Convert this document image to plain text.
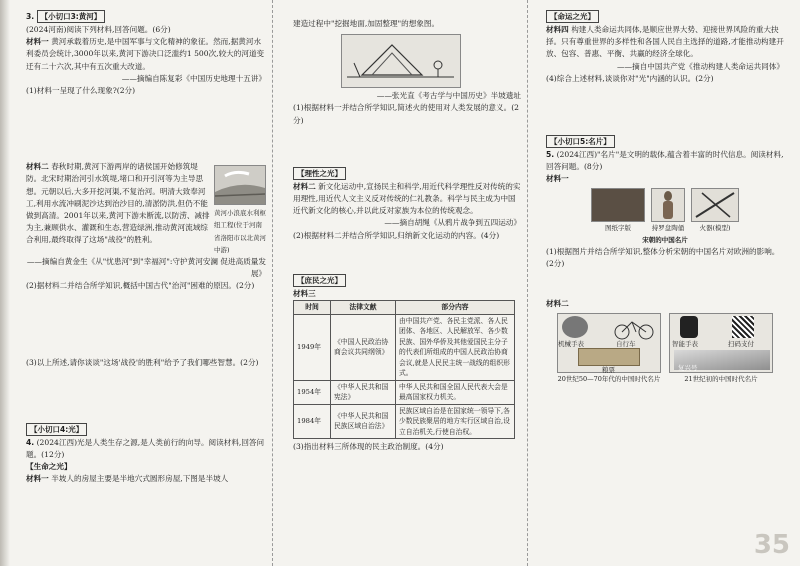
3. 【小切口3:黄河】

(2024河南)阅读下列材料,回答问题。(6分)

材料一 黄河承载着历史,是中国军事与文化精神的象征。然而,据黄河水利委员会统计,3000年以来,黄河下游决口泛滥约1 500次,较大的河道变迁有二十六次,其中有五次重大改道。

——摘编自陈复彩《中国历史地理十五讲》

(1)材料一呈现了什么现象?(2分)

材料二 春秋时期,黄河下游两岸的诸侯国开始修筑堤防。北宋时期治河引水筑堤,堵口和开引河等为主导思想。元朝以后,大多开挖河渠,不复治河。明清大致奉河工,利用水流冲刷泥沙达到治沙目的,清淤防洪,但仍不能做到高清。2001年以来,黄河下游未断流,以防涝、减排为主,兼顾供水、灌溉和生态,营造绿洲,推动黄河流域综合利用,最终取得了这场"战役"的胜利。

黄河小浪底水利枢纽工程(位于河南省洛阳市以北黄河中游)

——摘编自黄金生《从"忧患河"到"幸福河":守护黄河安澜 促进高质量发展》

(2)据材料二并结合所学知识,概括中国古代"治河"困难的原因。(2分)

(3)以上所述,请你谈谈"这场'战役'的胜利"给予了我们哪些智慧。(2分)

【小切口4:光】

4. (2024江西)光是人类生存之源,是人类前行的向导。阅读材料,回答问题。(12分)

【生命之光】

材料一 半坡人的房屋主要是半地穴式圆形房屋,下图是半坡人

建造过程中"挖掘地面,加固整理"的想象图。

——张光直《考古学与中国历史》半坡遗址

(1)根据材料一并结合所学知识,简述火的使用对人类发展的意义。(2分)

【理性之光】

材料二 新文化运动中,宣扬民主和科学,用近代科学理性反对传统的实用理性,用近代人文主义反对传统的仁礼教条。科学与民主成为中国近代新文化的核心,并以此反对家族为本位的传统观念。

——摘自胡绳《从鸦片战争到五四运动》

(2)根据材料二并结合所学知识,归纳新文化运动的内容。(4分)

【庶民之光】

材料三

时间	法律文献	部分内容
1949年	《中国人民政治协商会议共同纲领》	由中国共产党、各民主党派、各人民团体、各地区、人民解放军、各少数民族、国外华侨及其他爱国民主分子的代表们所组成的中国人民政治协商会议,就是人民民主统一战线的组织形式。
1954年	《中华人民共和国宪法》	中华人民共和国全国人民代表大会是最高国家权力机关。
1984年	《中华人民共和国民族区域自治法》	民族区域自治是在国家统一领导下,各少数民族聚居的地方实行区域自治,设立自治机关,行使自治权。

(3)指出材料三所体现的民主政治制度。(4分)

【命运之光】

材料四 构建人类命运共同体,是顺应世界大势、迎接世界风险的重大抉择。只有尊重世界的多样性和各国人民自主选择的道路,才能推动构建开放、包容、普惠、平衡、共赢的经济全球化。

——摘自中国共产党《推动构建人类命运共同体》

(4)综合上述材料,谈谈你对"光"内涵的认识。(2分)

【小切口5:名片】

5. (2024江西)"名片"是文明的载体,蕴含着丰富的时代信息。阅读材料,回答问题。(8分)

材料一

图纸字版	持罗盘陶俑	火器(模型)
宋朝的中国名片

(1)根据图片并结合所学知识,整体分析宋朝的中国名片对欧洲的影响。(2分)

材料二

机械手表	自行车
粮票
20世纪50—70年代的中国时代名片
智能手表	扫码支付
复兴号
21世纪初的中国时代名片
35
